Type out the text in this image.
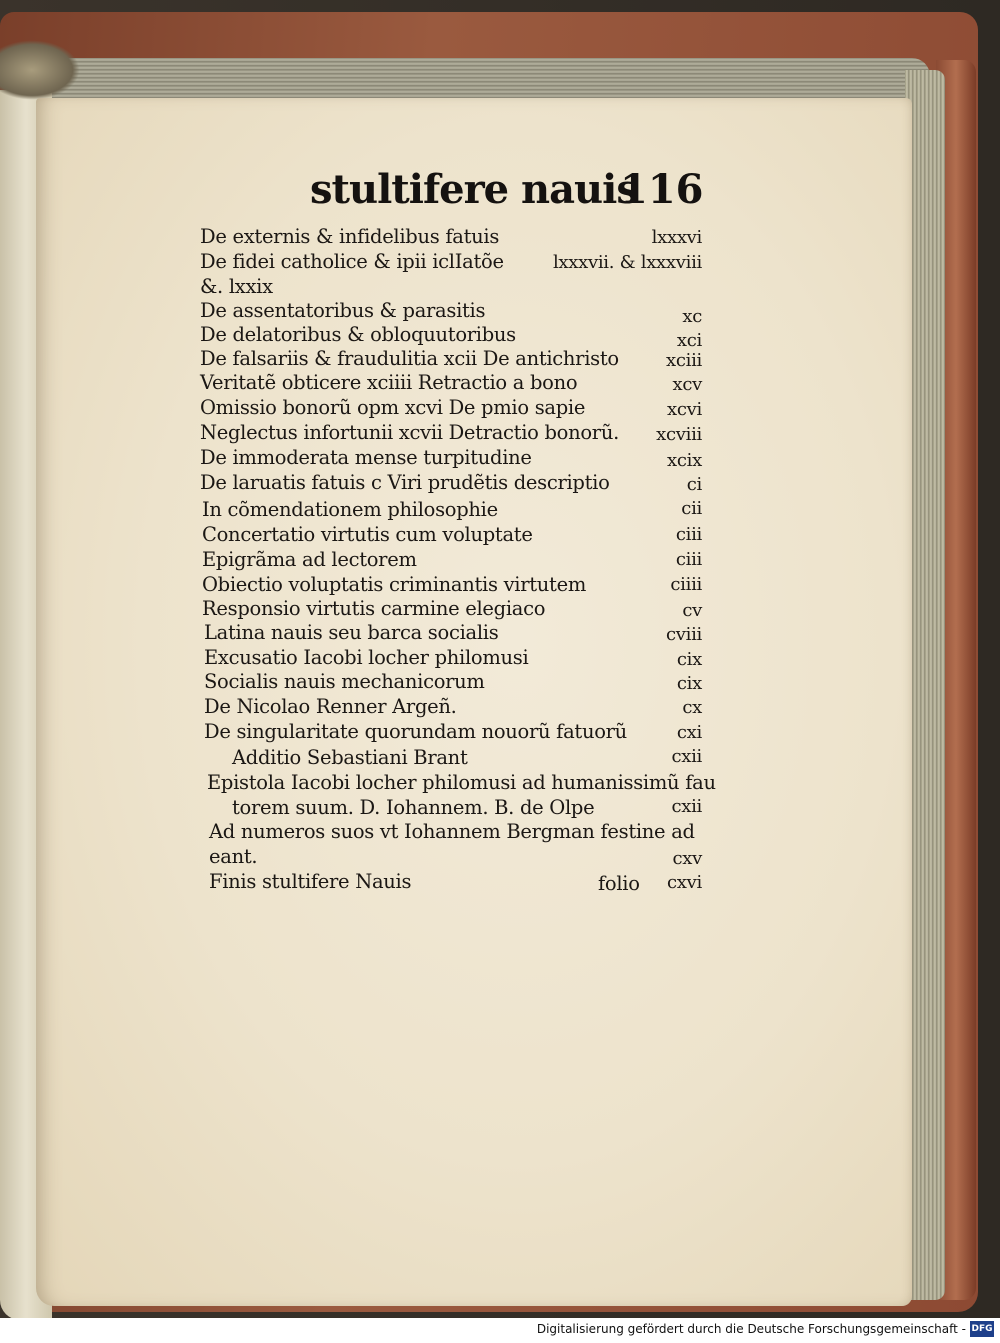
stultifere nauis
116
De externis & infidelibus fatuis	lxxxvi
De fidei catholice & ipii iclIatõe	lxxxvii. & lxxxviii
&. lxxix
De assentatoribus & parasitis	xc
De delatoribus & obloquutoribus	xci
De falsariis & fraudulitia xcii De antichristo	xciii
Veritatẽ obticere xciiii Retractio a bono	xcv
Omissio bonorũ opm xcvi De pmio sapie	xcvi
Neglectus infortunii xcvii Detractio bonorũ. xcviii
De immoderata mense turpitudine	xcix
De laruatis fatuis c Viri prudẽtis descriptio	ci
In cõmendationem philosophie	cii
Concertatio virtutis cum voluptate	ciii
Epigrãma ad lectorem	ciii
Obiectio voluptatis criminantis virtutem	ciiii
Responsio virtutis carmine elegiaco	cv
Latina nauis seu barca socialis	cviii
Excusatio Iacobi locher philomusi	cix
Socialis nauis mechanicorum	cix
De Nicolao Renner Argeñ.	cx
De singularitate quorundam nouorũ fatuorũ	cxi
Additio Sebastiani Brant	cxii
Epistola Iacobi locher philomusi ad humanissimũ fau
torem suum. D. Iohannem. B. de Olpe	cxii
Ad numeros suos vt Iohannem Bergman festine ad
eant.	cxv
Finis stultifere Nauis	folio cxvi
Digitalisierung gefördert durch die Deutsche Forschungsgemeinschaft - DFG
